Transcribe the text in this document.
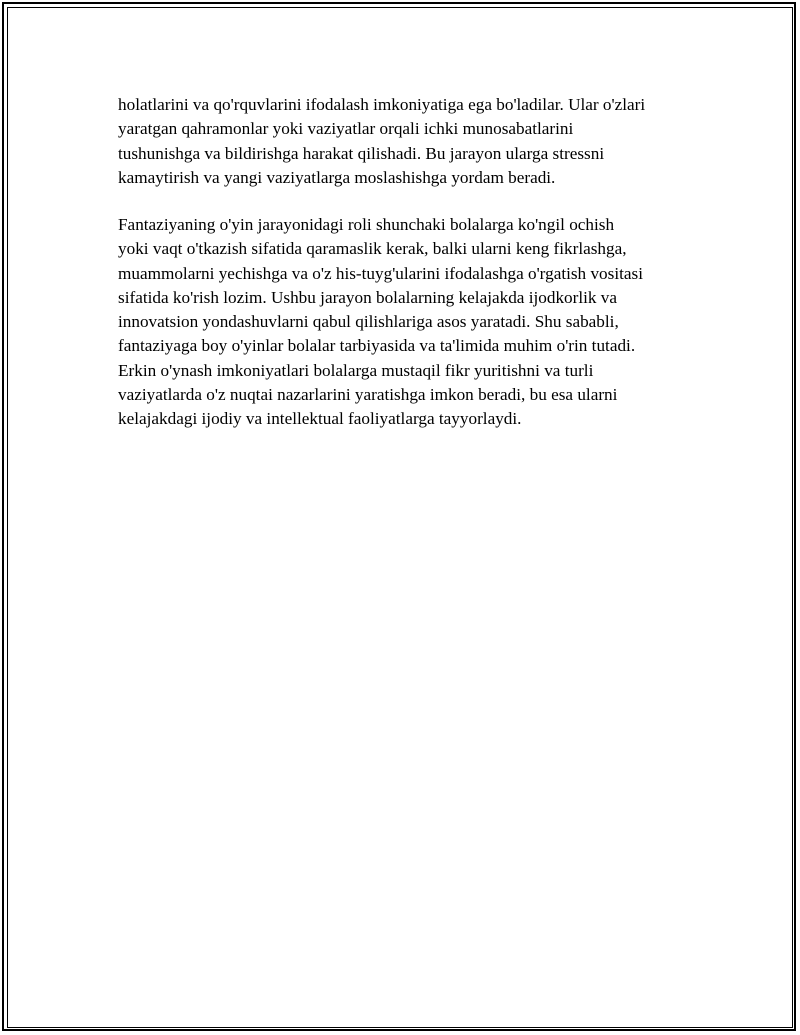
holatlarini va qo'rquvlarini ifodalash imkoniyatiga ega bo'ladilar. Ular o'zlari
yaratgan qahramonlar yoki vaziyatlar orqali ichki munosabatlarini
tushunishga va bildirishga harakat qilishadi. Bu jarayon ularga stressni
kamaytirish va yangi vaziyatlarga moslashishga yordam beradi.
Fantaziyaning o'yin jarayonidagi roli shunchaki bolalarga ko'ngil ochish
yoki vaqt o'tkazish sifatida qaramaslik kerak, balki ularni keng fikrlashga,
muammolarni yechishga va o'z his-tuyg'ularini ifodalashga o'rgatish vositasi
sifatida ko'rish lozim. Ushbu jarayon bolalarning kelajakda ijodkorlik va
innovatsion yondashuvlarni qabul qilishlariga asos yaratadi. Shu sababli,
fantaziyaga boy o'yinlar bolalar tarbiyasida va ta'limida muhim o'rin tutadi.
Erkin o'ynash imkoniyatlari bolalarga mustaqil fikr yuritishni va turli
vaziyatlarda o'z nuqtai nazarlarini yaratishga imkon beradi, bu esa ularni
kelajakdagi ijodiy va intellektual faoliyatlarga tayyorlaydi.
